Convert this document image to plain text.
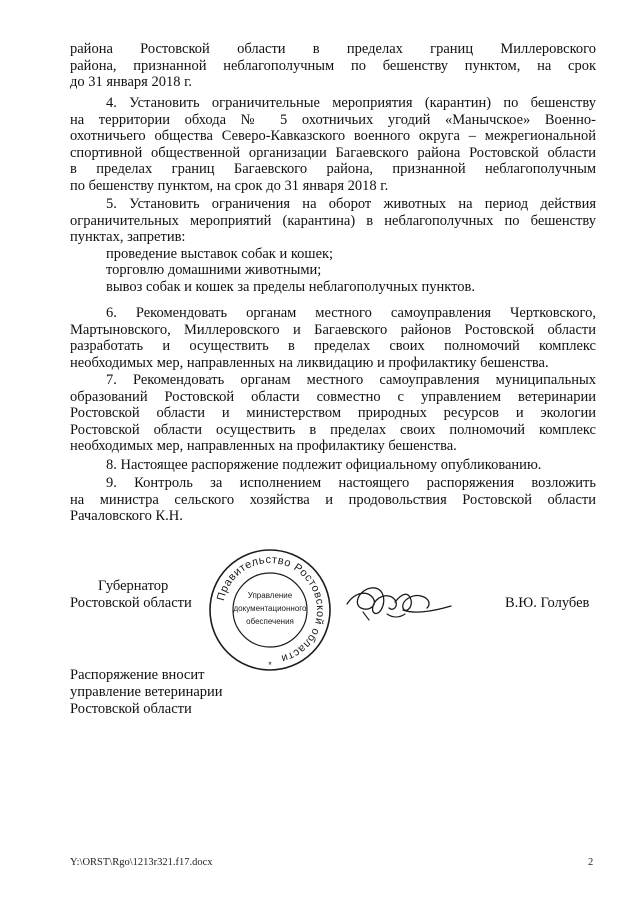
района Ростовской области в пределах границ Миллеровского
района, признанной неблагополучным по бешенству пунктом, на срок
до 31 января 2018 г.
4. Установить ограничительные мероприятия (карантин) по бешенству
на территории обхода № 5 охотничьих угодий «Манычское» Военно-
охотничьего общества Северо-Кавказского военного округа – межрегиональной
спортивной общественной организации Багаевского района Ростовской области
в пределах границ Багаевского района, признанной неблагополучным
по бешенству пунктом, на срок до 31 января 2018 г.
5. Установить ограничения на оборот животных на период действия
ограничительных мероприятий (карантина) в неблагополучных по бешенству
пунктах, запретив:
проведение выставок собак и кошек;
торговлю домашними животными;
вывоз собак и кошек за пределы неблагополучных пунктов.
6. Рекомендовать органам местного самоуправления Чертковского,
Мартыновского, Миллеровского и Багаевского районов Ростовской области
разработать и осуществить в пределах своих полномочий комплекс
необходимых мер, направленных на ликвидацию и профилактику бешенства.
7. Рекомендовать органам местного самоуправления муниципальных
образований Ростовской области совместно с управлением ветеринарии
Ростовской области и министерством природных ресурсов и экологии
Ростовской области осуществить в пределах своих полномочий комплекс
необходимых мер, направленных на профилактику бешенства.
8. Настоящее распоряжение подлежит официальному опубликованию.
9. Контроль за исполнением настоящего распоряжения возложить
на министра сельского хозяйства и продовольствия Ростовской области
Рачаловского К.Н.
Губернатор
Ростовской области Правительство Ростовской области
Управление
документационного
обеспечения
*
В.Ю. Голубев
Распоряжение вносит
управление ветеринарии
Ростовской области
Y:\ORST\Rgo\1213r321.f17.docx	2
